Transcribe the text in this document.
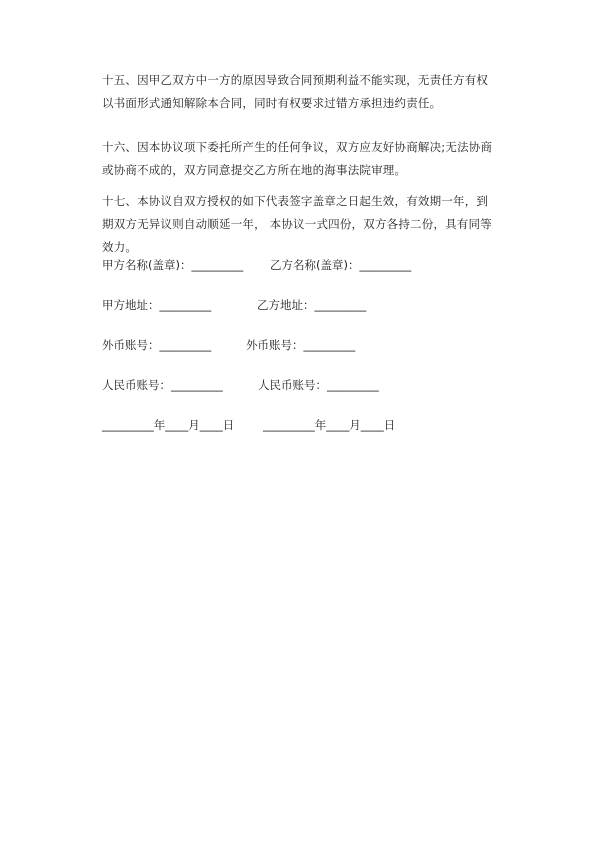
十五、因甲乙双方中一方的原因导致合同预期利益不能实现，无责任方有权以书面形式通知解除本合同，同时有权要求过错方承担违约责任。

十六、因本协议项下委托所产生的任何争议，双方应友好协商解决;无法协商或协商不成的，双方同意提交乙方所在地的海事法院审理。

十七、本协议自双方授权的如下代表签字盖章之日起生效，有效期一年，到期双方无异议则自动顺延一年， 本协议一式四份，双方各持二份，具有同等效力。

甲方名称(盖章)：_________ 乙方名称(盖章)：_________
甲方地址：_________	乙方地址：_________
外币账号：_________	外币账号：_________
人民币账号：_________	人民币账号：_________
_________年____月____日	_________年____月____日
